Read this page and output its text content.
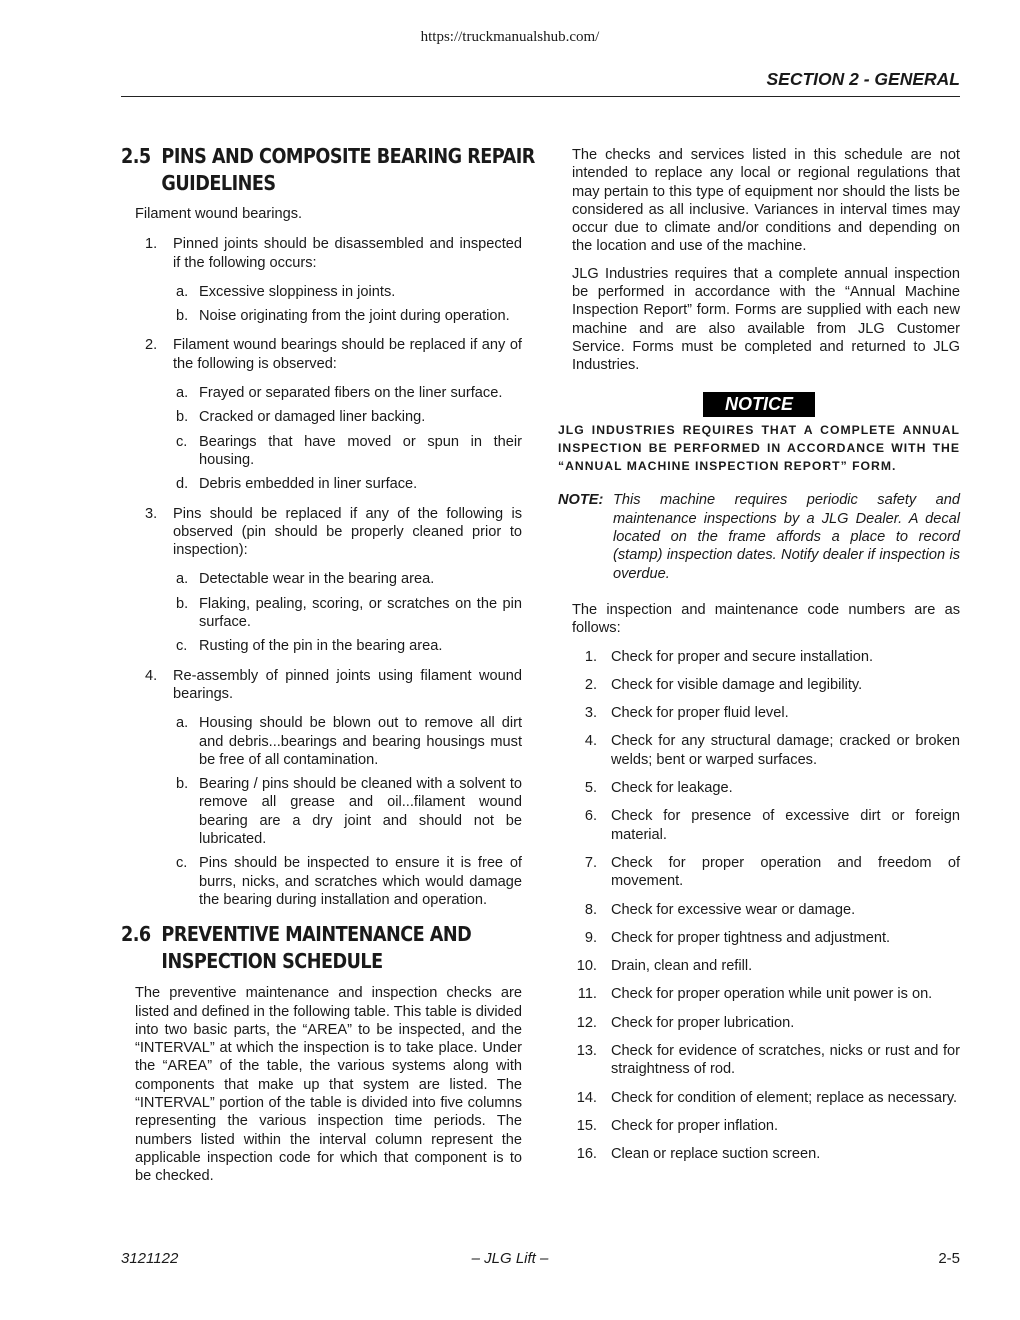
https://truckmanualshub.com/
SECTION 2 - GENERAL
2.5 PINS AND COMPOSITE BEARING REPAIR
GUIDELINES

Filament wound bearings.

1. Pinned joints should be disassembled and inspected if the following occurs:
a. Excessive sloppiness in joints.
b. Noise originating from the joint during operation.
2. Filament wound bearings should be replaced if any of the following is observed:
a. Frayed or separated fibers on the liner surface.
b. Cracked or damaged liner backing.
c. Bearings that have moved or spun in their housing.
d. Debris embedded in liner surface.
3. Pins should be replaced if any of the following is observed (pin should be properly cleaned prior to inspection):
a. Detectable wear in the bearing area.
b. Flaking, pealing, scoring, or scratches on the pin surface.
c. Rusting of the pin in the bearing area.
4. Re-assembly of pinned joints using filament wound bearings.
a. Housing should be blown out to remove all dirt and debris...bearings and bearing housings must be free of all contamination.
b. Bearing / pins should be cleaned with a solvent to remove all grease and oil...filament wound bearing are a dry joint and should not be lubricated.
c. Pins should be inspected to ensure it is free of burrs, nicks, and scratches which would damage the bearing during installation and operation.
2.6 PREVENTIVE MAINTENANCE AND
INSPECTION SCHEDULE

The preventive maintenance and inspection checks are listed and defined in the following table. This table is divided into two basic parts, the “AREA” to be inspected, and the “INTERVAL” at which the inspection is to take place. Under the “AREA” of the table, the various systems along with components that make up that system are listed. The “INTERVAL” portion of the table is divided into five columns representing the various inspection time periods. The numbers listed within the interval column represent the applicable inspection code for which that component is to be checked.

The checks and services listed in this schedule are not intended to replace any local or regional regulations that may pertain to this type of equipment nor should the lists be considered as all inclusive. Variances in interval times may occur due to climate and/or conditions and depending on the location and use of the machine.

JLG Industries requires that a complete annual inspection be performed in accordance with the “Annual Machine Inspection Report” form. Forms are supplied with each new machine and are also available from JLG Customer Service. Forms must be completed and returned to JLG Industries.

NOTICE

JLG INDUSTRIES REQUIRES THAT A COMPLETE ANNUAL INSPECTION BE PERFORMED IN ACCORDANCE WITH THE “ANNUAL MACHINE INSPECTION REPORT” FORM.

NOTE: This machine requires periodic safety and maintenance inspections by a JLG Dealer. A decal located on the frame affords a place to record (stamp) inspection dates. Notify dealer if inspection is overdue.

The inspection and maintenance code numbers are as follows:

1. Check for proper and secure installation.
2. Check for visible damage and legibility.
3. Check for proper fluid level.
4. Check for any structural damage; cracked or broken welds; bent or warped surfaces.
5. Check for leakage.
6. Check for presence of excessive dirt or foreign material.
7. Check for proper operation and freedom of movement.
8. Check for excessive wear or damage.
9. Check for proper tightness and adjustment.
10. Drain, clean and refill.
11. Check for proper operation while unit power is on.
12. Check for proper lubrication.
13. Check for evidence of scratches, nicks or rust and for straightness of rod.
14. Check for condition of element; replace as necessary.
15. Check for proper inflation.
16. Clean or replace suction screen.
3121122	– JLG Lift –	2-5
